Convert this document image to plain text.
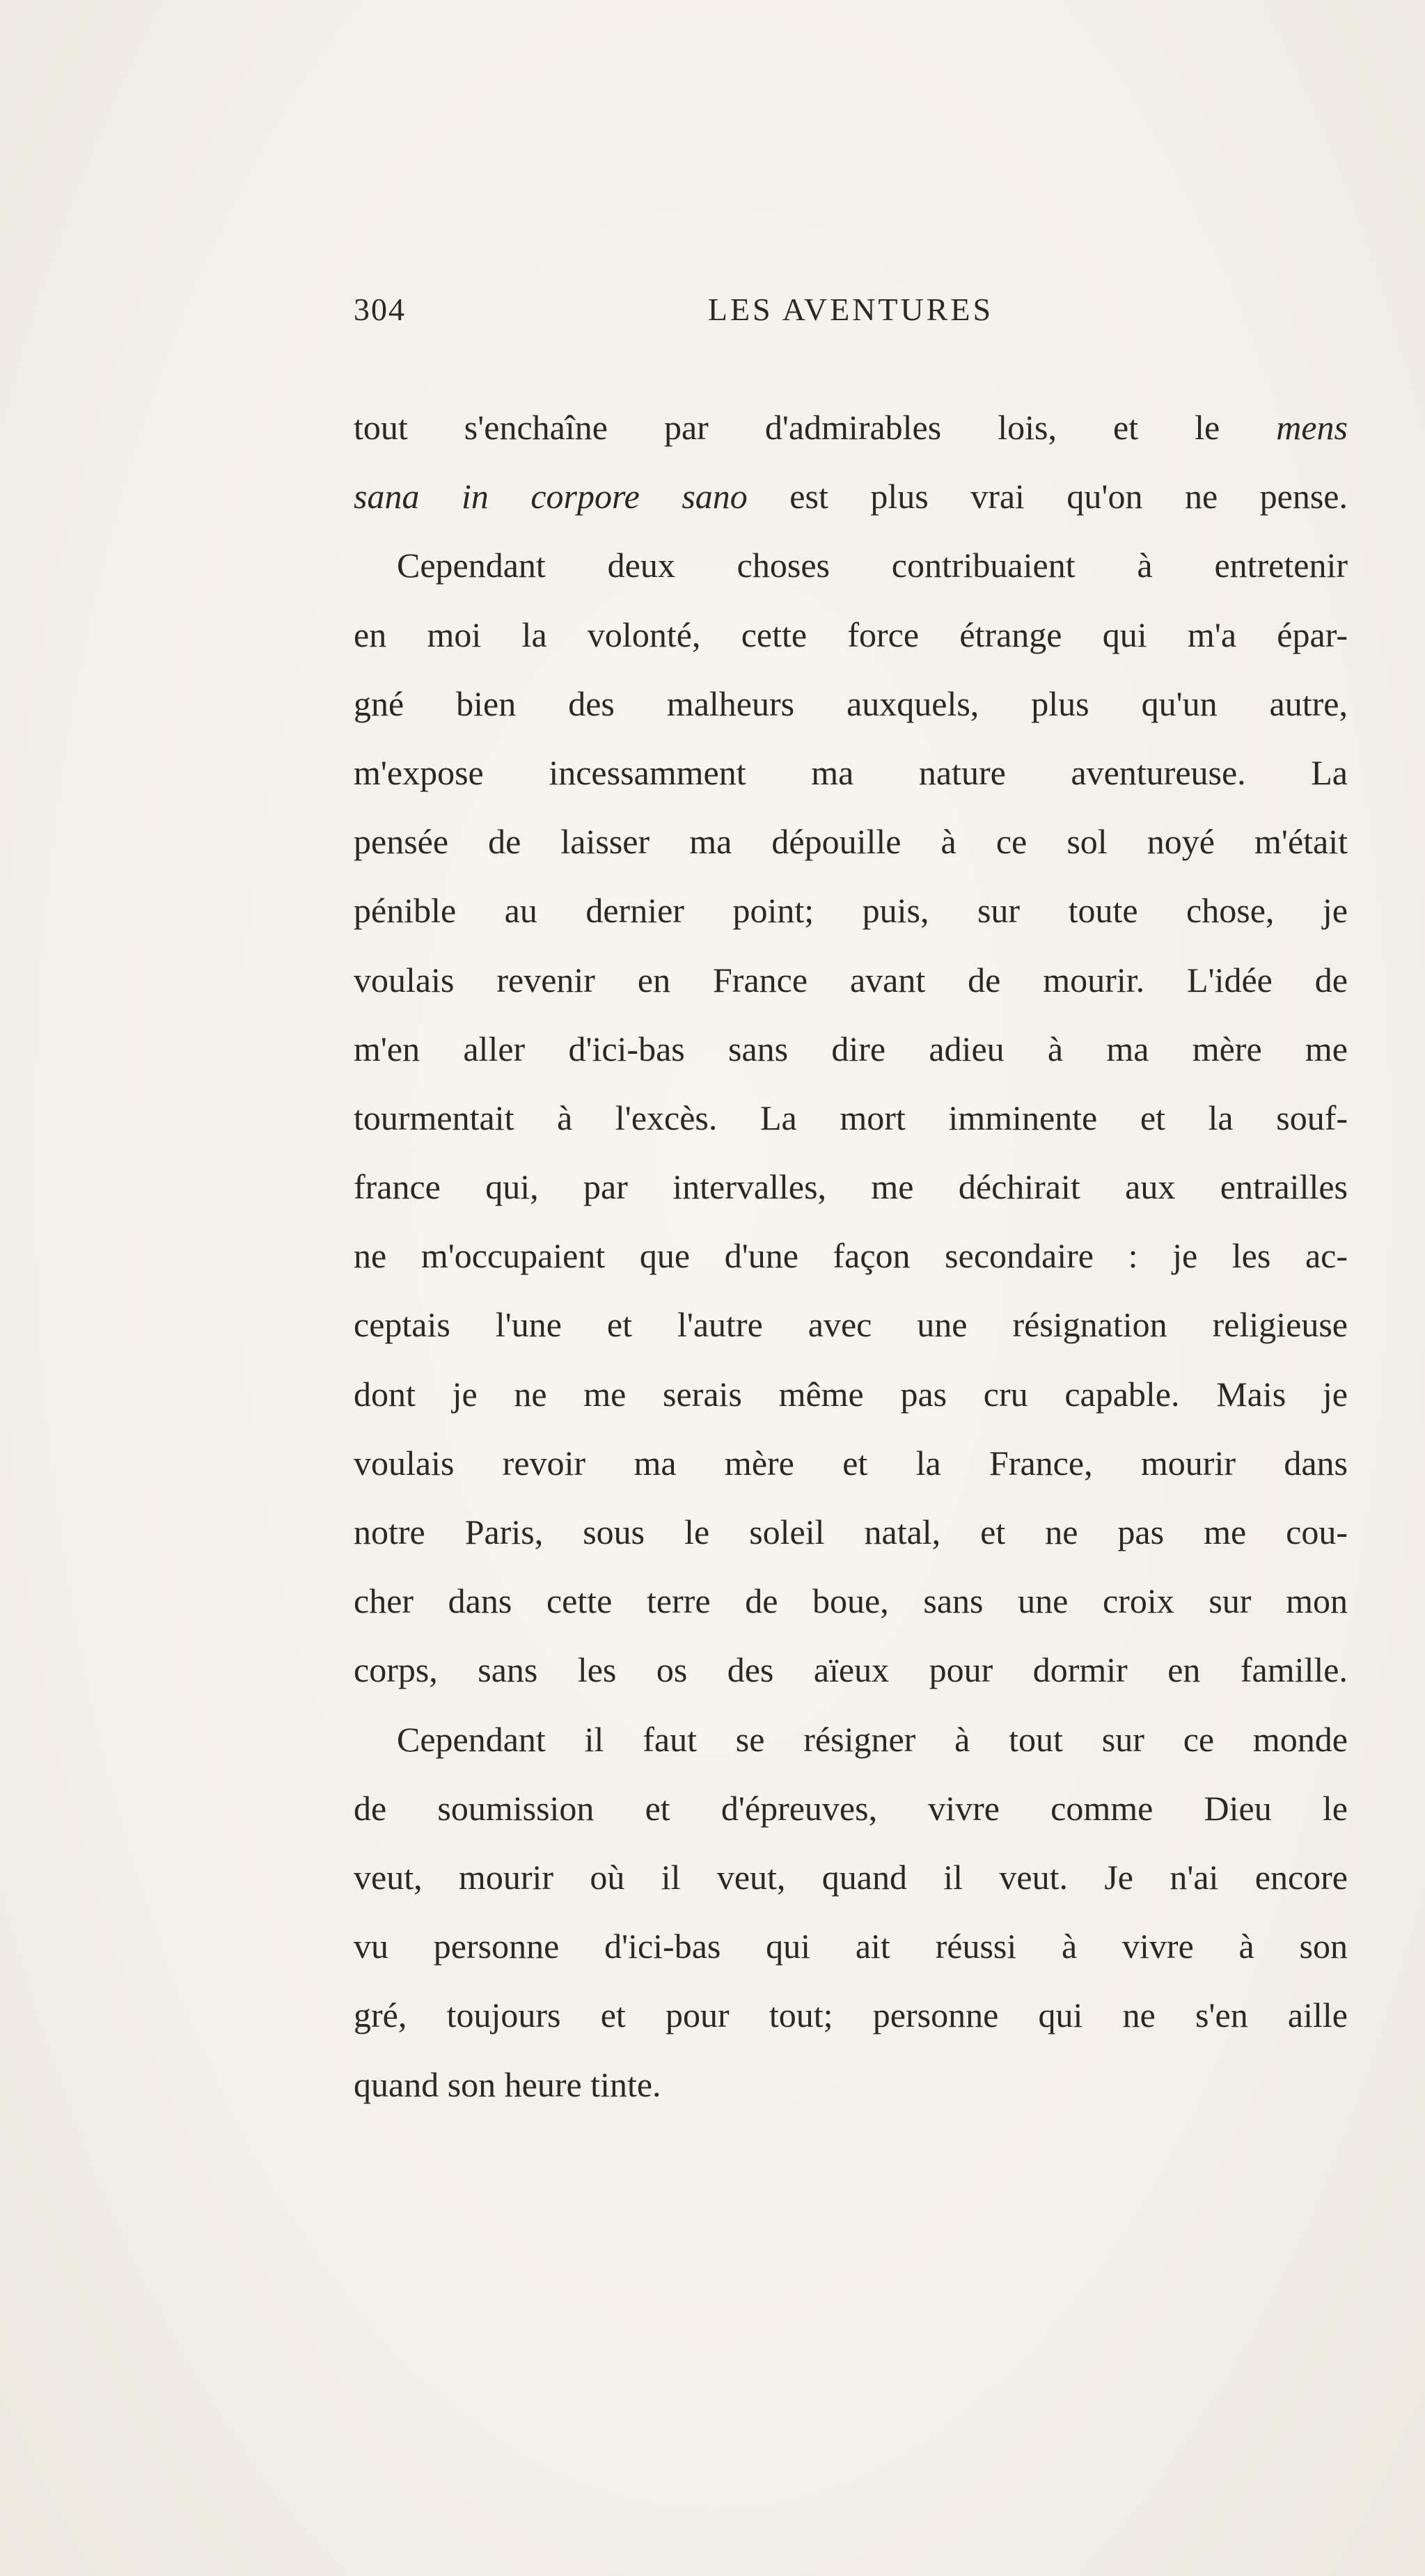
304	LES AVENTURES
tout s'enchaîne par d'admirables lois, et le mens
sana in corpore sano est plus vrai qu'on ne pense.
Cependant deux choses contribuaient à entretenir
en moi la volonté, cette force étrange qui m'a épar-
gné bien des malheurs auxquels, plus qu'un autre,
m'expose incessamment ma nature aventureuse. La
pensée de laisser ma dépouille à ce sol noyé m'était
pénible au dernier point; puis, sur toute chose, je
voulais revenir en France avant de mourir. L'idée de
m'en aller d'ici-bas sans dire adieu à ma mère me
tourmentait à l'excès. La mort imminente et la souf-
france qui, par intervalles, me déchirait aux entrailles
ne m'occupaient que d'une façon secondaire : je les ac-
ceptais l'une et l'autre avec une résignation religieuse
dont je ne me serais même pas cru capable. Mais je
voulais revoir ma mère et la France, mourir dans
notre Paris, sous le soleil natal, et ne pas me cou-
cher dans cette terre de boue, sans une croix sur mon
corps, sans les os des aïeux pour dormir en famille.
Cependant il faut se résigner à tout sur ce monde
de soumission et d'épreuves, vivre comme Dieu le
veut, mourir où il veut, quand il veut. Je n'ai encore
vu personne d'ici-bas qui ait réussi à vivre à son
gré, toujours et pour tout; personne qui ne s'en aille
quand son heure tinte.
